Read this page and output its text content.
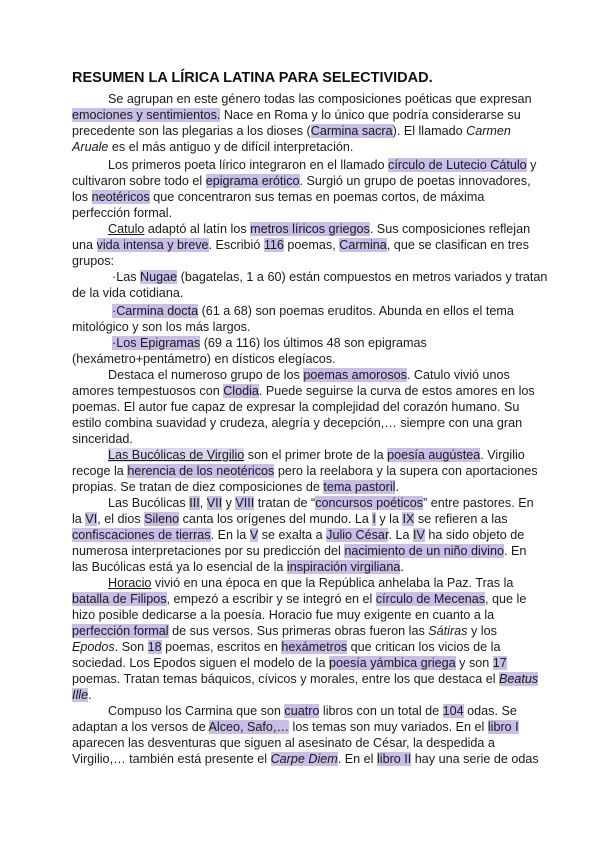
RESUMEN LA LÍRICA LATINA PARA SELECTIVIDAD.
Se agrupan en este género todas las composiciones poéticas que expresan
emociones y sentimientos. Nace en Roma y lo único que podría considerarse su
precedente son las plegarias a los dioses (Carmina sacra). El llamado Carmen
Aruale es el más antiguo y de difícil interpretación.
Los primeros poeta lírico integraron en el llamado círculo de Lutecio Cátulo y
cultivaron sobre todo el epigrama erótico. Surgió un grupo de poetas innovadores,
los neotéricos que concentraron sus temas en poemas cortos, de máxima
perfección formal.
Catulo adaptó al latín los metros líricos griegos. Sus composiciones reflejan
una vida intensa y breve. Escribió 116 poemas, Carmina, que se clasifican en tres
grupos:
·Las Nugae (bagatelas, 1 a 60) están compuestos en metros variados y tratan
de la vida cotidiana.
·Carmina docta (61 a 68) son poemas eruditos. Abunda en ellos el tema
mitológico y son los más largos.
·Los Epigramas (69 a 116) los últimos 48 son epigramas
(hexámetro+pentámetro) en dísticos elegíacos.
Destaca el numeroso grupo de los poemas amorosos. Catulo vivió unos
amores tempestuosos con Clodia. Puede seguirse la curva de estos amores en los
poemas. El autor fue capaz de expresar la complejidad del corazón humano. Su
estilo combina suavidad y crudeza, alegría y decepción,… siempre con una gran
sinceridad.
Las Bucólicas de Virgilio son el primer brote de la poesía augústea. Virgilio
recoge la herencia de los neotéricos pero la reelabora y la supera con aportaciones
propias. Se tratan de diez composiciones de tema pastoril.
Las Bucólicas III, VII y VIII tratan de “concursos poéticos” entre pastores. En
la VI, el dios Sileno canta los orígenes del mundo. La I y la IX se refieren a las
confiscaciones de tierras. En la V se exalta a Julio César. La IV ha sido objeto de
numerosa interpretaciones por su predicción del nacimiento de un niño divino. En
las Bucólicas está ya lo esencial de la inspiración virgiliana.
Horacio vivió en una época en que la República anhelaba la Paz. Tras la
batalla de Filipos, empezó a escribir y se integró en el círculo de Mecenas, que le
hizo posible dedicarse a la poesía. Horacio fue muy exigente en cuanto a la
perfección formal de sus versos. Sus primeras obras fueron las Sátiras y los
Epodos. Son 18 poemas, escritos en hexámetros que critican los vicios de la
sociedad. Los Epodos siguen el modelo de la poesía yámbica griega y son 17
poemas. Tratan temas báquicos, cívicos y morales, entre los que destaca el Beatus
Ille.
Compuso los Carmina que son cuatro libros con un total de 104 odas. Se
adaptan a los versos de Alceo, Safo,… los temas son muy variados. En el libro I
aparecen las desventuras que siguen al asesinato de César, la despedida a
Virgilio,… también está presente el Carpe Diem. En el libro II hay una serie de odas
